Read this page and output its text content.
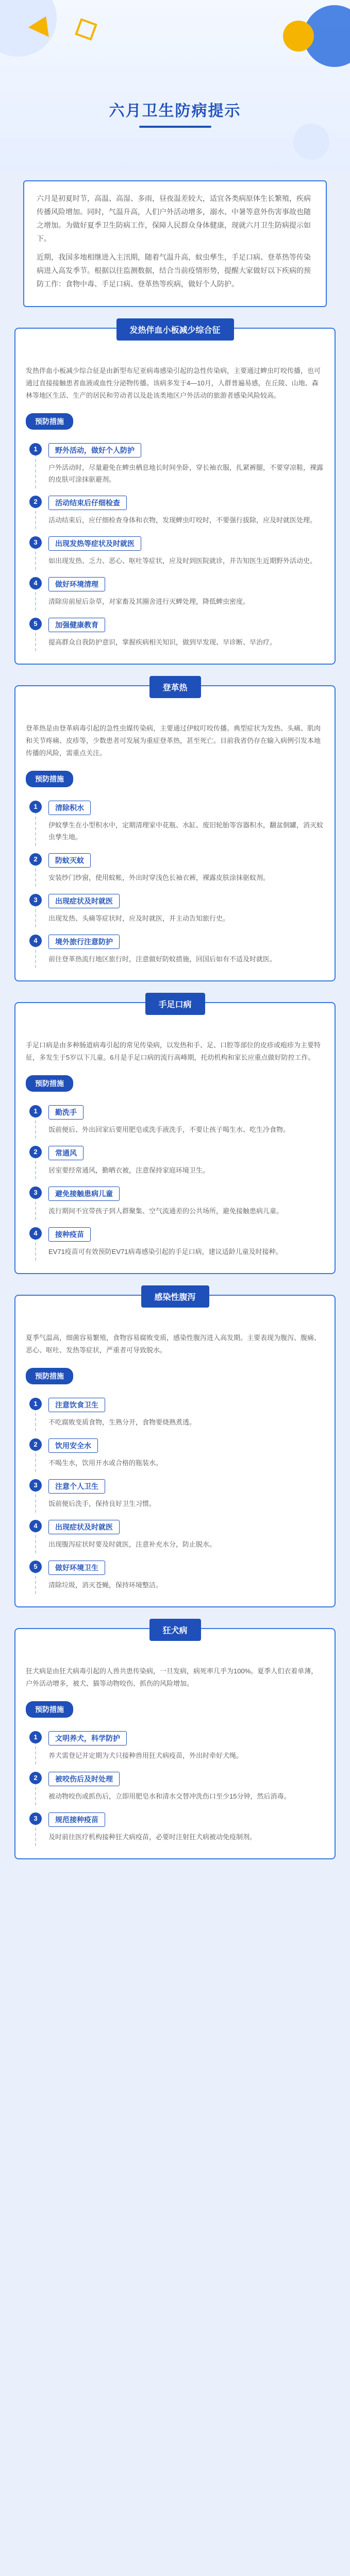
六月卫生防病提示

六月是初夏时节，高温、高湿、多雨，昼夜温差较大，适宜各类病原体生长繁殖，疾病传播风险增加。同时，气温升高，人们户外活动增多，溺水、中暑等意外伤害事故也随之增加。为做好夏季卫生防病工作，保障人民群众身体健康，现就六月卫生防病提示如下。

近期，我国多地相继进入主汛期，随着气温升高，蚊虫孳生，手足口病、登革热等传染病进入高发季节。根据以往监测数据，结合当前疫情形势，提醒大家做好以下疾病的预防工作：食物中毒、手足口病、登革热等疾病，做好个人防护。

发热伴血小板减少综合征
发热伴血小板减少综合征是由新型布尼亚病毒感染引起的急性传染病，主要通过蜱虫叮咬传播，也可通过直接接触患者血液或血性分泌物传播。该病多发于4—10月，人群普遍易感，在丘陵、山地、森林等地区生活、生产的居民和劳动者以及赴该类地区户外活动的旅游者感染风险较高。
预防措施
1	野外活动，做好个人防护
户外活动时，尽量避免在蜱虫栖息地长时间坐卧，穿长袖衣服，扎紧裤腿，不要穿凉鞋，裸露的皮肤可涂抹驱避剂。
2	活动结束后仔细检查
活动结束后，应仔细检查身体和衣物，发现蜱虫叮咬时，不要强行拔除，应及时就医处理。
3	出现发热等症状及时就医
如出现发热、乏力、恶心、呕吐等症状，应及时到医院就诊，并告知医生近期野外活动史。
4	做好环境清理
清除房前屋后杂草，对家畜及其圈舍进行灭蜱处理，降低蜱虫密度。
5	加强健康教育
提高群众自我防护意识，掌握疾病相关知识，做到早发现、早诊断、早治疗。
登革热
登革热是由登革病毒引起的急性虫媒传染病，主要通过伊蚊叮咬传播。典型症状为发热、头痛、肌肉和关节疼痛、皮疹等，少数患者可发展为重症登革热，甚至死亡。目前我省仍存在输入病例引发本地传播的风险，需重点关注。
预防措施
1	清除积水
伊蚊孳生在小型积水中，定期清理家中花瓶、水缸、废旧轮胎等容器积水，翻盆倒罐，消灭蚊虫孳生地。
2	防蚊灭蚊
安装纱门纱窗，使用蚊帐，外出时穿浅色长袖衣裤，裸露皮肤涂抹驱蚊剂。
3	出现症状及时就医
出现发热、头痛等症状时，应及时就医，并主动告知旅行史。
4	境外旅行注意防护
前往登革热流行地区旅行时，注意做好防蚊措施，回国后如有不适及时就医。
手足口病
手足口病是由多种肠道病毒引起的常见传染病，以发热和手、足、口腔等部位的皮疹或疱疹为主要特征，多发生于5岁以下儿童。6月是手足口病的流行高峰期，托幼机构和家长应重点做好防控工作。
预防措施
1	勤洗手
饭前便后、外出回家后要用肥皂或洗手液洗手，不要让孩子喝生水、吃生冷食物。
2	常通风
居室要经常通风，勤晒衣被，注意保持家庭环境卫生。
3	避免接触患病儿童
流行期间不宜带孩子到人群聚集、空气流通差的公共场所，避免接触患病儿童。
4	接种疫苗
EV71疫苗可有效预防EV71病毒感染引起的手足口病，建议适龄儿童及时接种。
感染性腹泻
夏季气温高，细菌容易繁殖，食物容易腐败变质，感染性腹泻进入高发期。主要表现为腹泻、腹痛、恶心、呕吐、发热等症状，严重者可导致脱水。
预防措施
1	注意饮食卫生
不吃腐败变质食物，生熟分开，食物要烧熟煮透。
2	饮用安全水
不喝生水，饮用开水或合格的瓶装水。
3	注意个人卫生
饭前便后洗手，保持良好卫生习惯。
4	出现症状及时就医
出现腹泻症状时要及时就医，注意补充水分，防止脱水。
5	做好环境卫生
清除垃圾，消灭苍蝇，保持环境整洁。
狂犬病
狂犬病是由狂犬病毒引起的人兽共患传染病，一旦发病，病死率几乎为100%。夏季人们衣着单薄，户外活动增多，被犬、猫等动物咬伤、抓伤的风险增加。
预防措施
1	文明养犬，科学防护
养犬需登记并定期为犬只接种兽用狂犬病疫苗，外出时牵好犬绳。
2	被咬伤后及时处理
被动物咬伤或抓伤后，立即用肥皂水和清水交替冲洗伤口至少15分钟，然后消毒。
3	规范接种疫苗
及时前往医疗机构接种狂犬病疫苗，必要时注射狂犬病被动免疫制剂。
